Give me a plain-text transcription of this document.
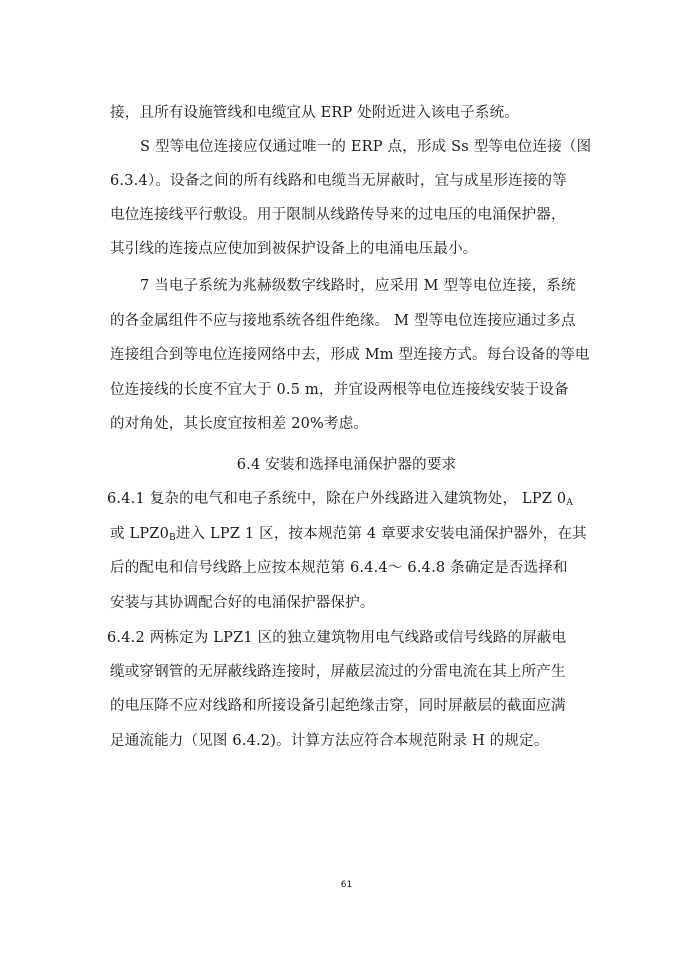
接，且所有设施管线和电缆宜从 ERP 处附近进入该电子系统。
S 型等电位连接应仅通过唯一的 ERP 点，形成 Ss 型等电位连接（图
6.3.4）。设备之间的所有线路和电缆当无屏蔽时，宜与成星形连接的等
电位连接线平行敷设。用于限制从线路传导来的过电压的电涌保护器，
其引线的连接点应使加到被保护设备上的电涌电压最小。
7 当电子系统为兆赫级数字线路时，应采用 M 型等电位连接，系统
的各金属组件不应与接地系统各组件绝缘。 M 型等电位连接应通过多点
连接组合到等电位连接网络中去，形成 Mm 型连接方式。每台设备的等电
位连接线的长度不宜大于 0.5 m，并宜设两根等电位连接线安装于设备
的对角处，其长度宜按相差 20%考虑。
6.4 安装和选择电涌保护器的要求
6.4.1 复杂的电气和电子系统中，除在户外线路进入建筑物处， LPZ $0_A$
或 $LPZ0_B$进入 LPZ 1 区，按本规范第 4 章要求安装电涌保护器外，在其
后的配电和信号线路上应按本规范第 6.4.4～ 6.4.8 条确定是否选择和
安装与其协调配合好的电涌保护器保护。
6.4.2 两栋定为 LPZ1 区的独立建筑物用电气线路或信号线路的屏蔽电
缆或穿钢管的无屏蔽线路连接时，屏蔽层流过的分雷电流在其上所产生
的电压降不应对线路和所接设备引起绝缘击穿，同时屏蔽层的截面应满
足通流能力（见图 6.4.2)。计算方法应符合本规范附录 H 的规定。
61
